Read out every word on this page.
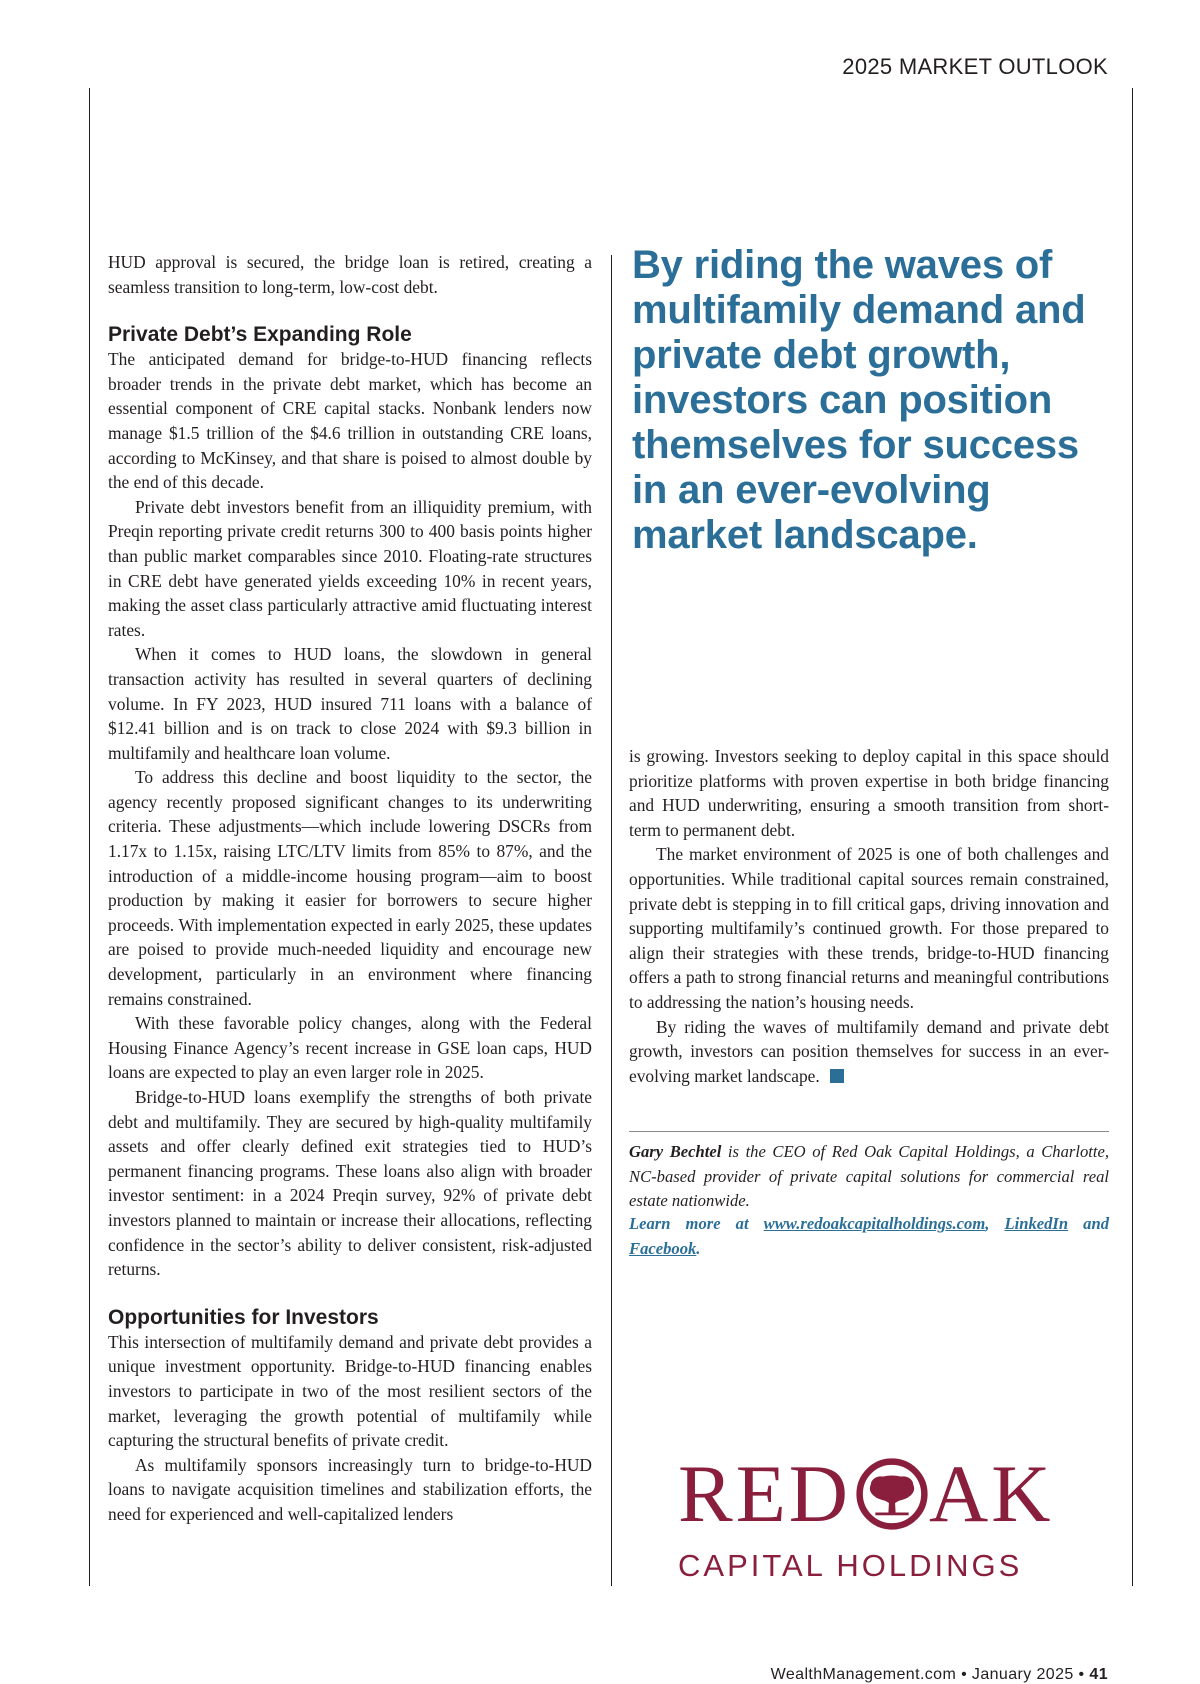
2025 MARKET OUTLOOK

HUD approval is secured, the bridge loan is retired, creating a seamless transition to long-term, low-cost debt.

Private Debt’s Expanding Role

The anticipated demand for bridge-to-HUD financing reflects broader trends in the private debt market, which has become an essential component of CRE capital stacks. Nonbank lenders now manage $1.5 trillion of the $4.6 trillion in outstanding CRE loans, according to McKinsey, and that share is poised to almost double by the end of this decade.

Private debt investors benefit from an illiquidity premium, with Preqin reporting private credit returns 300 to 400 basis points higher than public market comparables since 2010. Floating-rate structures in CRE debt have generated yields exceeding 10% in recent years, making the asset class particularly attractive amid fluctuating interest rates.

When it comes to HUD loans, the slowdown in general transaction activity has resulted in several quarters of declining volume. In FY 2023, HUD insured 711 loans with a balance of $12.41 billion and is on track to close 2024 with $9.3 billion in multifamily and healthcare loan volume.

To address this decline and boost liquidity to the sector, the agency recently proposed significant changes to its underwriting criteria. These adjustments—which include lowering DSCRs from 1.17x to 1.15x, raising LTC/LTV limits from 85% to 87%, and the introduction of a middle-income housing program—aim to boost production by making it easier for borrowers to secure higher proceeds. With implementation expected in early 2025, these updates are poised to provide much-needed liquidity and encourage new development, particularly in an environment where financing remains constrained.

With these favorable policy changes, along with the Federal Housing Finance Agency’s recent increase in GSE loan caps, HUD loans are expected to play an even larger role in 2025.

Bridge-to-HUD loans exemplify the strengths of both private debt and multifamily. They are secured by high-quality multifamily assets and offer clearly defined exit strategies tied to HUD’s permanent financing programs. These loans also align with broader investor sentiment: in a 2024 Preqin survey, 92% of private debt investors planned to maintain or increase their allocations, reflecting confidence in the sector’s ability to deliver consistent, risk-adjusted returns.

Opportunities for Investors

This intersection of multifamily demand and private debt provides a unique investment opportunity. Bridge-to-HUD financing enables investors to participate in two of the most resilient sectors of the market, leveraging the growth potential of multifamily while capturing the structural benefits of private credit.

As multifamily sponsors increasingly turn to bridge-to-HUD loans to navigate acquisition timelines and stabilization efforts, the need for experienced and well-capitalized lenders

By riding the waves of multifamily demand and private debt growth, investors can position themselves for success in an ever-evolving market landscape.

is growing. Investors seeking to deploy capital in this space should prioritize platforms with proven expertise in both bridge financing and HUD underwriting, ensuring a smooth transition from short-term to permanent debt.

The market environment of 2025 is one of both challenges and opportunities. While traditional capital sources remain constrained, private debt is stepping in to fill critical gaps, driving innovation and supporting multifamily’s continued growth. For those prepared to align their strategies with these trends, bridge-to-HUD financing offers a path to strong financial returns and meaningful contributions to addressing the nation’s housing needs.

By riding the waves of multifamily demand and private debt growth, investors can position themselves for success in an ever-evolving market landscape.

Gary Bechtel is the CEO of Red Oak Capital Holdings, a Charlotte, NC-based provider of private capital solutions for commercial real estate nationwide.

Learn more at www.redoakcapitalholdings.com, LinkedIn and Facebook.

RED AK
CAPITAL HOLDINGS
WealthManagement.com • January 2025 • 41
